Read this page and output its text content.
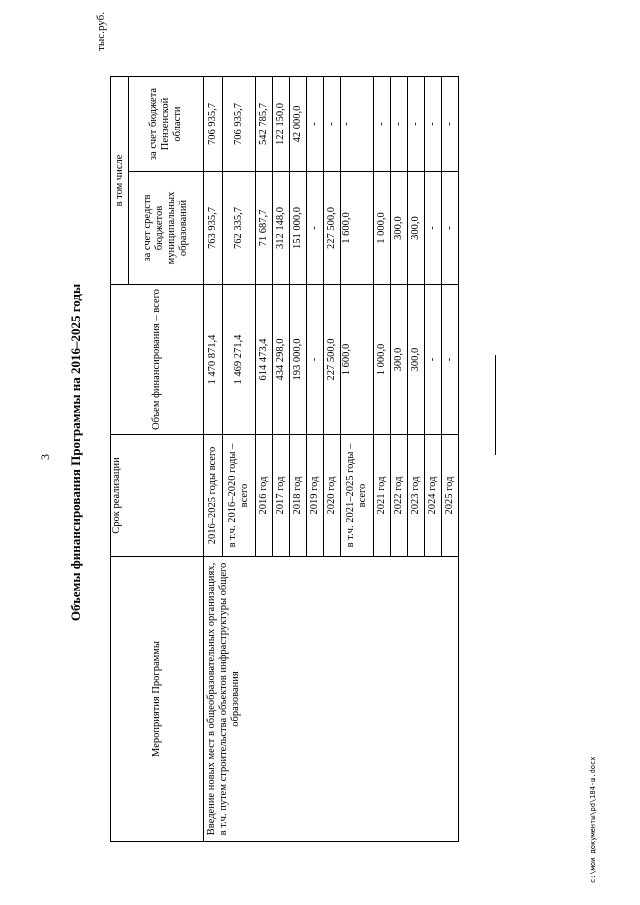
3 Объемы финансирования Программы на 2016–2025 годы
тыс.руб.
Мероприятия Программы	Срок реализации	Объем финансирования – всего	в том числе	
			за счет средств бюджетов муниципальных образований	за счет бюджета Пензенской области
Введение новых мест в общеобразовательных организациях, в т.ч. путем строительства объектов инфраструктуры общего образования	2016–2025 годы всего	1 470 871,4	763 935,7	706 935,7
	в т.ч. 2016–2020 годы – всего	1 469 271,4	762 335,7	706 935,7
	2016 год	614 473,4	71 687,7	542 785,7
	2017 год	434 298,0	312 148,0	122 150,0
	2018 год	193 000,0	151 000,0	42 000,0
	2019 год	-	-	-
	2020 год	227 500,0	227 500,0	-
	в т.ч. 2021–2025 годы – всего	1 600,0	1 600,0	-
	2021 год	1 000,0	1 000,0	-
	2022 год	300,0	300,0	-
	2023 год	300,0	300,0	-
	2024 год	-	-	-
	2025 год	-	-	-
c:\мои документы\pd\184-ш.docx
